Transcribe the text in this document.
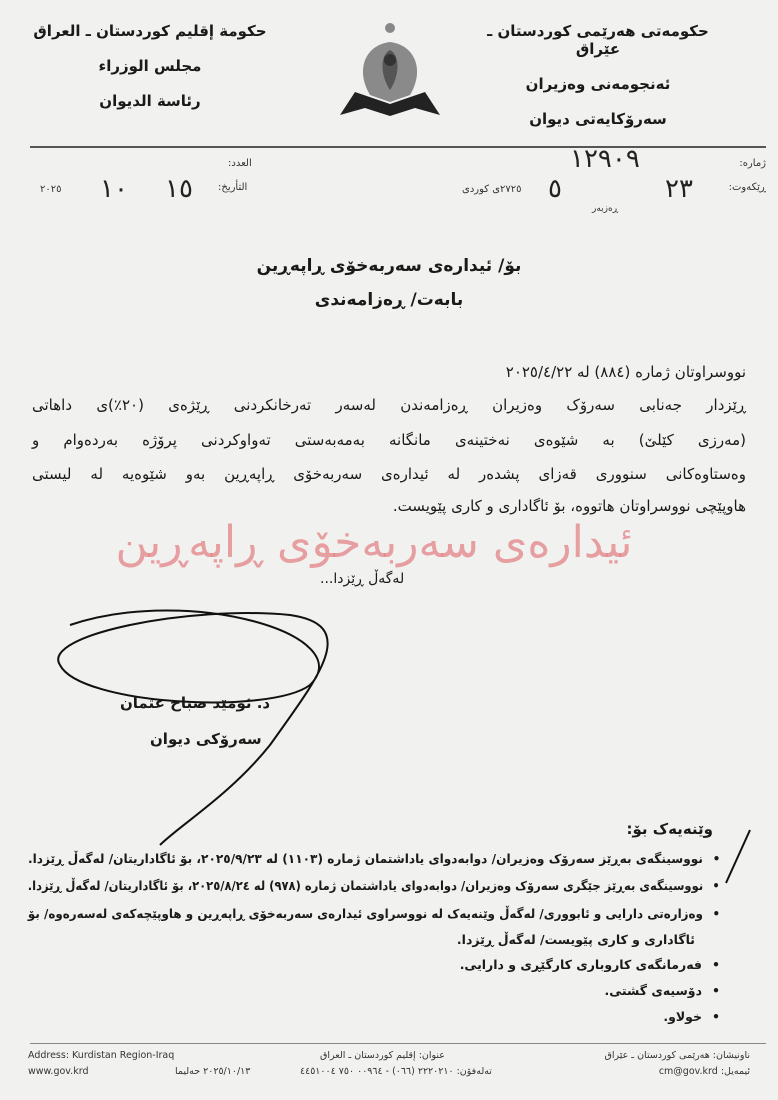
حکومەتی هەرێمی کوردستان ـ عێراق
ئەنجومەنی وەزیران
سەرۆکایەتی دیوان
حكومة إقليم كوردستان ـ العراق
مجلس الوزراء
رئاسة الديوان
ژمارە:
١٢٩٠٩
ڕێکەوت:
٢٣
٥
٢٧٢٥ی کوردی
ڕەزبەر
العدد:
التأريخ:
١٥
١٠
٢٠٢٥
بۆ/ ئیدارەی سەربەخۆی ڕاپەڕین
بابەت/ ڕەزامەندی
نووسراوتان ژمارە (٨٨٤) لە ٢٠٢٥/٤/٢٢
ڕێزدار جەنابی سەرۆک وەزیران ڕەزامەندن لەسەر تەرخانکردنی ڕێژەی (٢٠٪)ی داهاتی
(مەرزی کێلێ) بە شێوەی نەختینەی مانگانە بەمەبەستی تەواوکردنی پرۆژە بەردەوام و
وەستاوەکانی سنووری قەزای پشدەر لە ئیدارەی سەربەخۆی ڕاپەڕین بەو شێوەیە لە لیستی
هاوپێچی نووسراوتان هاتووە، بۆ ئاگاداری و کاری پێویست.
ئیدارەی سەربەخۆی ڕاپەڕین
لەگەڵ ڕێزدا...
د. ئومێد صباح عثمان
سەرۆکی دیوان
وێنەیەک بۆ:
• نووسینگەی بەڕێز سەرۆک وەزیران/ دوابەدوای یاداشتمان ژمارە (١١٠٣) لە ٢٠٢٥/٩/٢٣، بۆ ئاگاداریتان/ لەگەڵ ڕێزدا.
• نووسینگەی بەڕێز جێگری سەرۆک وەزیران/ دوابەدوای یاداشتمان ژمارە (٩٧٨) لە ٢٠٢٥/٨/٢٤، بۆ ئاگاداریتان/ لەگەڵ ڕێزدا.
• وەزارەتی دارایی و ئابووری/ لەگەڵ وێنەیەک لە نووسراوی ئیدارەی سەربەخۆی ڕاپەڕین و هاوپێچەکەی لەسەرەوە/ بۆ
ئاگاداری و کاری پێویست/ لەگەڵ ڕێزدا.
• فەرمانگەی کاروباری کارگێڕی و دارایی.
• دۆسیەی گشتی.
• خولاو.
Address: Kurdistan Region-Iraq
www.gov.krd
عنوان: إقليم كوردستان ـ العراق
٢٠٢٥/١٠/١٣ حەلیما	تەلەفۆن: ٢٢٢٠٢١٠ (٠٦٦) - ٠٠٩٦٤ ٧٥٠ ٤٤٥١٠٠٤
ناونیشان: هەرێمی کوردستان ـ عێراق
ئیمەیل: cm@gov.krd
